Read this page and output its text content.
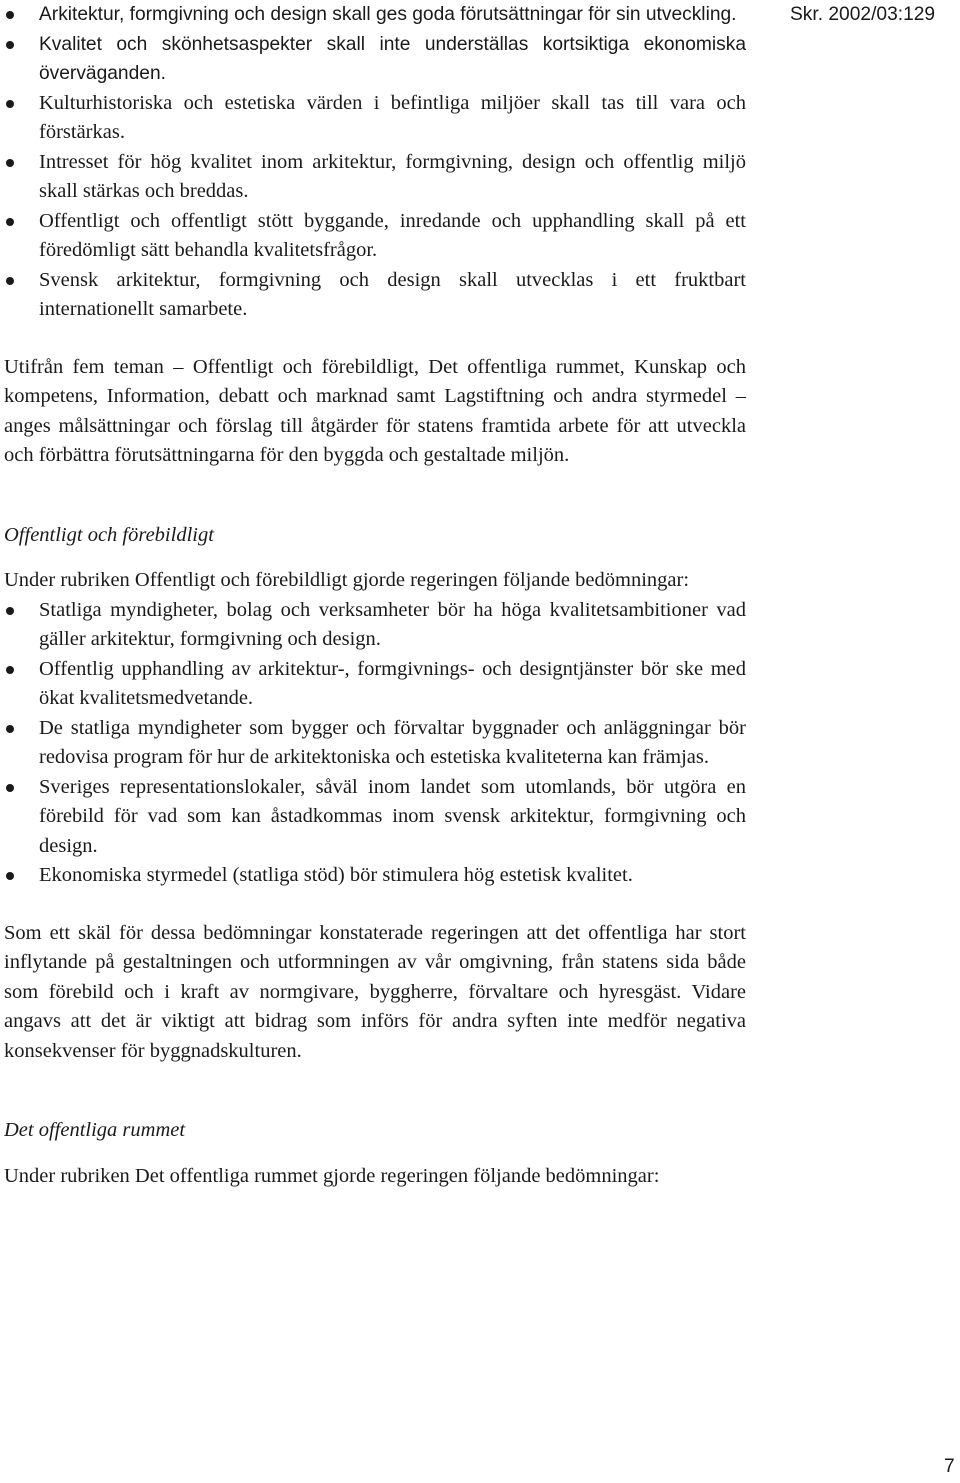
Skr. 2002/03:129
Arkitektur, formgivning och design skall ges goda förutsättningar för sin utveckling.
Kvalitet och skönhetsaspekter skall inte underställas kortsiktiga ekonomiska överväganden.
Kulturhistoriska och estetiska värden i befintliga miljöer skall tas till vara och förstärkas.
Intresset för hög kvalitet inom arkitektur, formgivning, design och offentlig miljö skall stärkas och breddas.
Offentligt och offentligt stött byggande, inredande och upphandling skall på ett föredömligt sätt behandla kvalitetsfrågor.
Svensk arkitektur, formgivning och design skall utvecklas i ett fruktbart internationellt samarbete.

Utifrån fem teman – Offentligt och förebildligt, Det offentliga rummet, Kunskap och kompetens, Information, debatt och marknad samt Lagstiftning och andra styrmedel – anges målsättningar och förslag till åtgärder för statens framtida arbete för att utveckla och förbättra förutsättningarna för den byggda och gestaltade miljön.

Offentligt och förebildligt

Under rubriken Offentligt och förebildligt gjorde regeringen följande bedömningar:

Statliga myndigheter, bolag och verksamheter bör ha höga kvalitetsambitioner vad gäller arkitektur, formgivning och design.
Offentlig upphandling av arkitektur-, formgivnings- och designtjänster bör ske med ökat kvalitetsmedvetande.
De statliga myndigheter som bygger och förvaltar byggnader och anläggningar bör redovisa program för hur de arkitektoniska och estetiska kvaliteterna kan främjas.
Sveriges representationslokaler, såväl inom landet som utomlands, bör utgöra en förebild för vad som kan åstadkommas inom svensk arkitektur, formgivning och design.
Ekonomiska styrmedel (statliga stöd) bör stimulera hög estetisk kvalitet.

Som ett skäl för dessa bedömningar konstaterade regeringen att det offentliga har stort inflytande på gestaltningen och utformningen av vår omgivning, från statens sida både som förebild och i kraft av normgivare, byggherre, förvaltare och hyresgäst. Vidare angavs att det är viktigt att bidrag som införs för andra syften inte medför negativa konsekvenser för byggnadskulturen.

Det offentliga rummet

Under rubriken Det offentliga rummet gjorde regeringen följande bedömningar:

7
